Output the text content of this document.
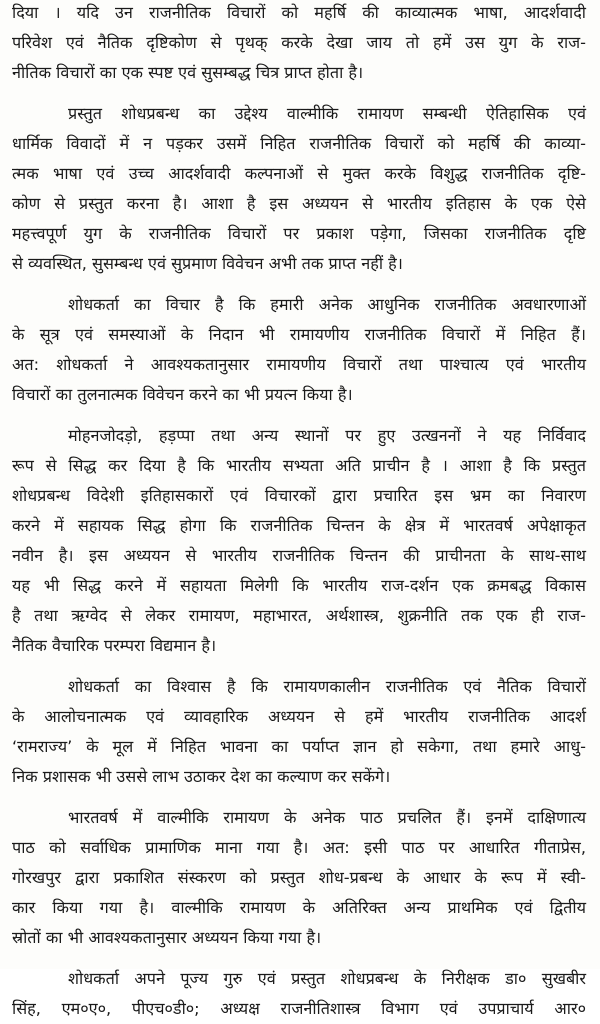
दिया । यदि उन राजनीतिक विचारों को महर्षि की काव्यात्मक भाषा, आदर्शवादी
परिवेश एवं नैतिक दृष्टिकोण से पृथक् करके देखा जाय तो हमें उस युग के राज-
नीतिक विचारों का एक स्पष्ट एवं सुसम्बद्ध चित्र प्राप्त होता है।

प्रस्तुत शोधप्रबन्ध का उद्देश्य वाल्मीकि रामायण सम्बन्धी ऐतिहासिक एवं
धार्मिक विवादों में न पड़कर उसमें निहित राजनीतिक विचारों को महर्षि की काव्या-
त्मक भाषा एवं उच्च आदर्शवादी कल्पनाओं से मुक्त करके विशुद्ध राजनीतिक दृष्टि-
कोण से प्रस्तुत करना है। आशा है इस अध्ययन से भारतीय इतिहास के एक ऐसे
महत्त्वपूर्ण युग के राजनीतिक विचारों पर प्रकाश पड़ेगा, जिसका राजनीतिक दृष्टि
से व्यवस्थित, सुसम्बन्ध एवं सुप्रमाण विवेचन अभी तक प्राप्त नहीं है।

शोधकर्ता का विचार है कि हमारी अनेक आधुनिक राजनीतिक अवधारणाओं
के सूत्र एवं समस्याओं के निदान भी रामायणीय राजनीतिक विचारों में निहित हैं।
अत: शोधकर्ता ने आवश्यकतानुसार रामायणीय विचारों तथा पाश्चात्य एवं भारतीय
विचारों का तुलनात्मक विवेचन करने का भी प्रयत्न किया है।

मोहनजोदड़ो, हड़प्पा तथा अन्य स्थानों पर हुए उत्खननों ने यह निर्विवाद
रूप से सिद्ध कर दिया है कि भारतीय सभ्यता अति प्राचीन है । आशा है कि प्रस्तुत
शोधप्रबन्ध विदेशी इतिहासकारों एवं विचारकों द्वारा प्रचारित इस भ्रम का निवारण
करने में सहायक सिद्ध होगा कि राजनीतिक चिन्तन के क्षेत्र में भारतवर्ष अपेक्षाकृत
नवीन है। इस अध्ययन से भारतीय राजनीतिक चिन्तन की प्राचीनता के साथ-साथ
यह भी सिद्ध करने में सहायता मिलेगी कि भारतीय राज-दर्शन एक क्रमबद्ध विकास
है तथा ऋग्वेद से लेकर रामायण, महाभारत, अर्थशास्त्र, शुक्रनीति तक एक ही राज-
नैतिक वैचारिक परम्परा विद्यमान है।

शोधकर्ता का विश्वास है कि रामायणकालीन राजनीतिक एवं नैतिक विचारों
के आलोचनात्मक एवं व्यावहारिक अध्ययन से हमें भारतीय राजनीतिक आदर्श
‘रामराज्य’ के मूल में निहित भावना का पर्याप्त ज्ञान हो सकेगा, तथा हमारे आधु-
निक प्रशासक भी उससे लाभ उठाकर देश का कल्याण कर सकेंगे।

भारतवर्ष में वाल्मीकि रामायण के अनेक पाठ प्रचलित हैं। इनमें दाक्षिणात्य
पाठ को सर्वाधिक प्रामाणिक माना गया है। अत: इसी पाठ पर आधारित गीताप्रेस,
गोरखपुर द्वारा प्रकाशित संस्करण को प्रस्तुत शोध-प्रबन्ध के आधार के रूप में स्वी-
कार किया गया है। वाल्मीकि रामायण के अतिरिक्त अन्य प्राथमिक एवं द्वितीय
स्रोतों का भी आवश्यकतानुसार अध्ययन किया गया है।

शोधकर्ता अपने पूज्य गुरु एवं प्रस्तुत शोधप्रबन्ध के निरीक्षक डा० सुखबीर
सिंह, एम०ए०, पीएच०डी०; अध्यक्ष राजनीतिशास्त्र विभाग एवं उपप्राचार्य आर०
